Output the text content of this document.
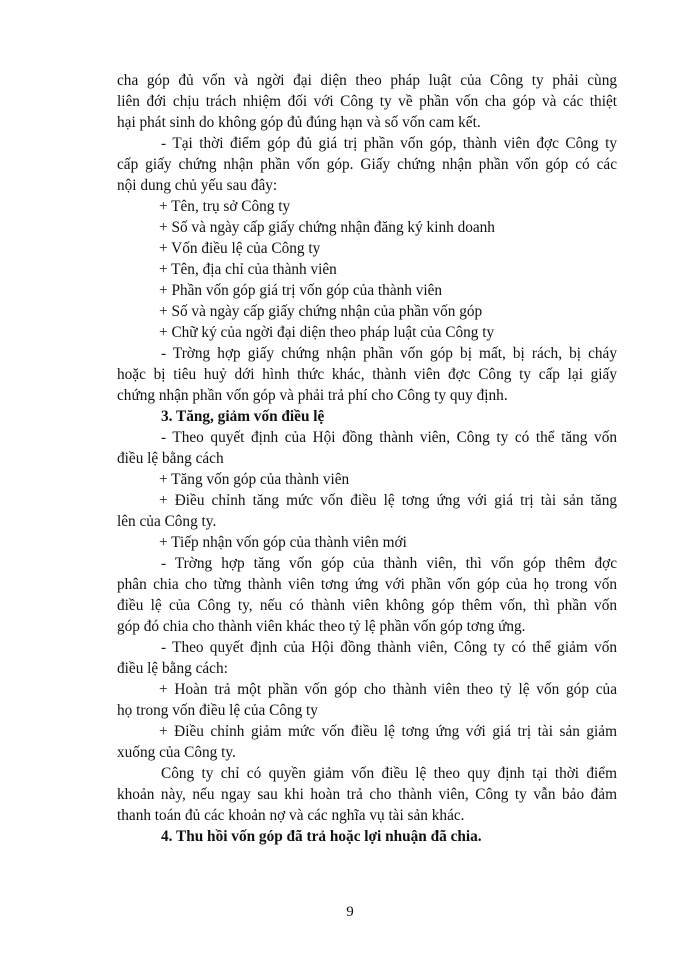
cha góp đủ vốn và ngời đại diện theo pháp luật của Công ty phải cùng
liên đới chịu trách nhiệm đối với Công ty về phần vốn cha góp và các thiệt
hại phát sinh do không góp đủ đúng hạn và số vốn cam kết.
- Tại thời điểm góp đủ giá trị phần vốn góp, thành viên đợc Công ty
cấp giấy chứng nhận phần vốn góp. Giấy chứng nhận phần vốn góp có các
nội dung chủ yếu sau đây:
+ Tên, trụ sở Công ty
+ Số và ngày cấp giấy chứng nhận đăng ký kinh doanh
+ Vốn điều lệ của Công ty
+ Tên, địa chỉ của thành viên
+ Phần vốn góp giá trị vốn góp của thành viên
+ Số và ngày cấp giấy chứng nhận của phần vốn góp
+ Chữ ký của ngời đại diện theo pháp luật của Công ty
- Trờng hợp giấy chứng nhận phần vốn góp bị mất, bị rách, bị cháy
hoặc bị tiêu huỷ dới hình thức khác, thành viên đợc Công ty cấp lại giấy
chứng nhận phần vốn góp và phải trả phí cho Công ty quy định.
3. Tăng, giảm vốn điều lệ
- Theo quyết định của Hội đồng thành viên, Công ty có thể tăng vốn
điều lệ bằng cách
+ Tăng vốn góp của thành viên
+ Điều chỉnh tăng mức vốn điều lệ tơng ứng với giá trị tài sản tăng
lên của Công ty.
+ Tiếp nhận vốn góp của thành viên mới
- Trờng hợp tăng vốn góp của thành viên, thì vốn góp thêm đợc
phân chia cho từng thành viên tơng ứng với phần vốn góp của họ trong vốn
điều lệ của Công ty, nếu có thành viên không góp thêm vốn, thì phần vốn
góp đó chia cho thành viên khác theo tỷ lệ phần vốn góp tơng ứng.
- Theo quyết định của Hội đồng thành viên, Công ty có thể giảm vốn
điều lệ bằng cách:
+ Hoàn trả một phần vốn góp cho thành viên theo tỷ lệ vốn góp của
họ trong vốn điều lệ của Công ty
+ Điều chỉnh giảm mức vốn điều lệ tơng ứng với giá trị tài sản giảm
xuống của Công ty.
Công ty chỉ có quyền giảm vốn điều lệ theo quy định tại thời điểm
khoản này, nếu ngay sau khi hoàn trả cho thành viên, Công ty vẫn bảo đảm
thanh toán đủ các khoản nợ và các nghĩa vụ tài sản khác.
4. Thu hồi vốn góp đã trả hoặc lợi nhuận đã chia.
9
